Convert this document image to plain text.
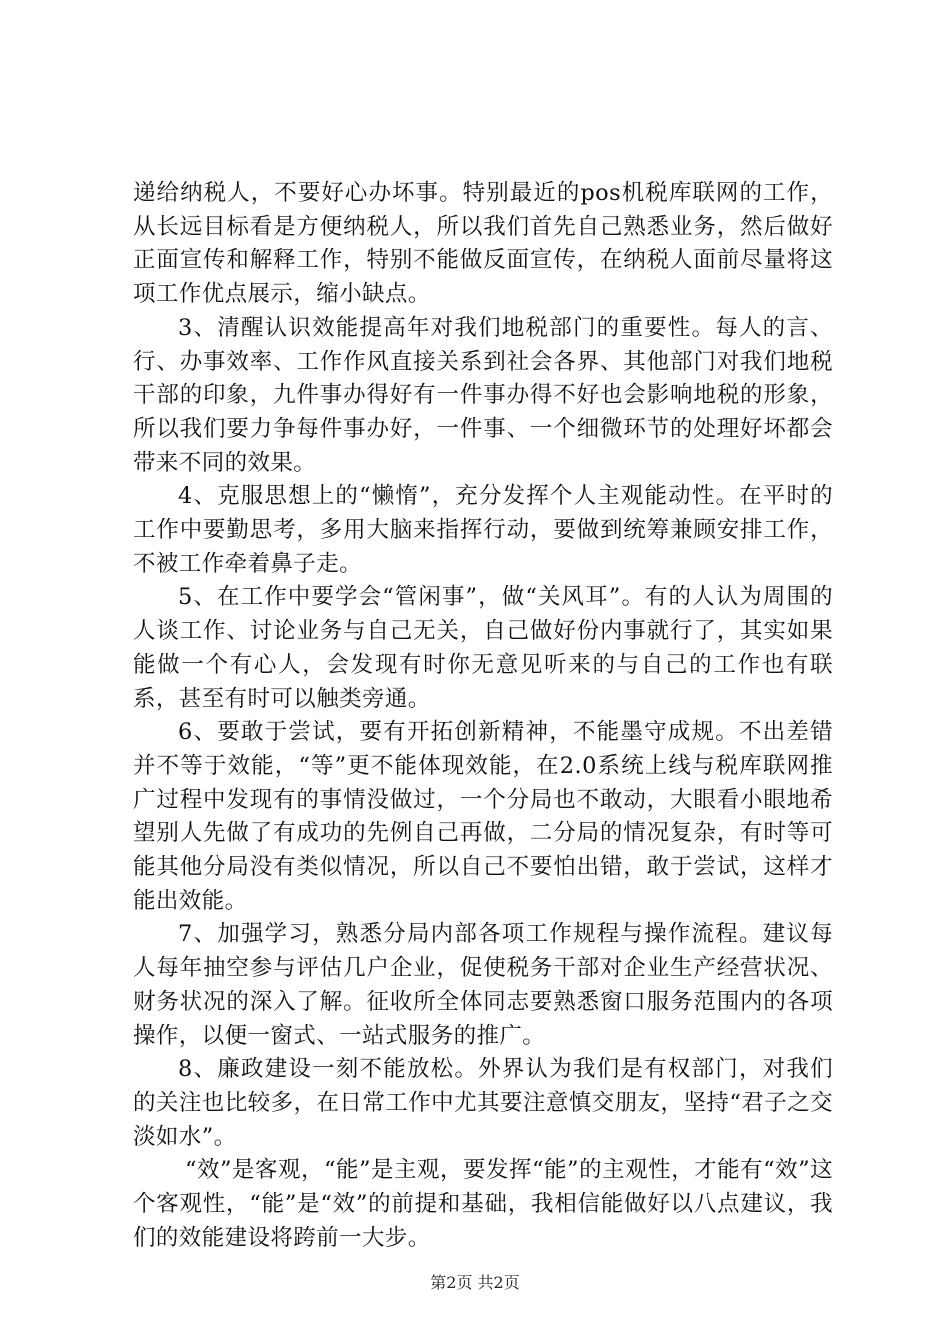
递给纳税人，不要好心办坏事。特别最近的pos机税库联网的工作，从长远目标看是方便纳税人，所以我们首先自己熟悉业务，然后做好正面宣传和解释工作，特别不能做反面宣传，在纳税人面前尽量将这项工作优点展示，缩小缺点。

3、清醒认识效能提高年对我们地税部门的重要性。每人的言、行、办事效率、工作作风直接关系到社会各界、其他部门对我们地税干部的印象，九件事办得好有一件事办得不好也会影响地税的形象，所以我们要力争每件事办好，一件事、一个细微环节的处理好坏都会带来不同的效果。

4、克服思想上的“懒惰”，充分发挥个人主观能动性。在平时的工作中要勤思考，多用大脑来指挥行动，要做到统筹兼顾安排工作，不被工作牵着鼻子走。

5、在工作中要学会“管闲事”，做“关风耳”。有的人认为周围的人谈工作、讨论业务与自己无关，自己做好份内事就行了，其实如果能做一个有心人，会发现有时你无意见听来的与自己的工作也有联系，甚至有时可以触类旁通。

6、要敢于尝试，要有开拓创新精神，不能墨守成规。不出差错并不等于效能，“等”更不能体现效能，在2.0系统上线与税库联网推广过程中发现有的事情没做过，一个分局也不敢动，大眼看小眼地希望别人先做了有成功的先例自己再做，二分局的情况复杂，有时等可能其他分局没有类似情况，所以自己不要怕出错，敢于尝试，这样才能出效能。

7、加强学习，熟悉分局内部各项工作规程与操作流程。建议每人每年抽空参与评估几户企业，促使税务干部对企业生产经营状况、财务状况的深入了解。征收所全体同志要熟悉窗口服务范围内的各项操作，以便一窗式、一站式服务的推广。

8、廉政建设一刻不能放松。外界认为我们是有权部门，对我们的关注也比较多，在日常工作中尤其要注意慎交朋友，坚持“君子之交淡如水”。

“效”是客观，“能”是主观，要发挥“能”的主观性，才能有“效”这个客观性，“能”是“效”的前提和基础，我相信能做好以八点建议，我们的效能建设将跨前一大步。

第2页 共2页
